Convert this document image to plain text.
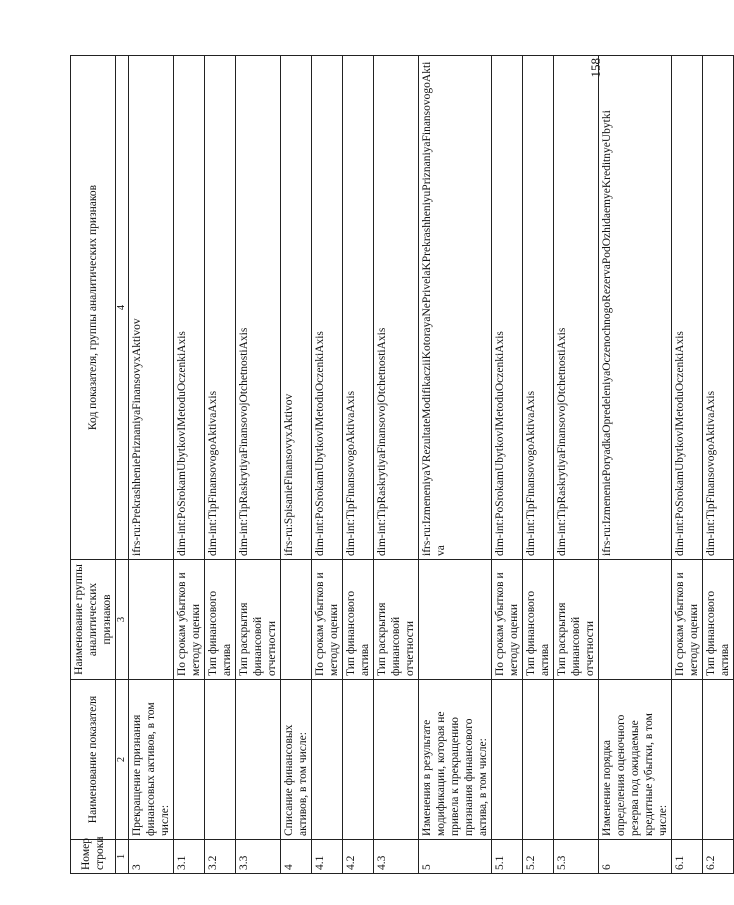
158
Номер строки	Наименование показателя	Наименование группы аналитических признаков	Код показателя, группы аналитических признаков
1	2	3	4
3	Прекращение признания финансовых активов, в том числе:		ifrs-ru:PrekrashheniePriznaniyaFinansovyxAktivov
3.1		По срокам убытков и методу оценки	dim-int:PoSrokamUbytkovIMetoduOczenkiAxis
3.2		Тип финансового актива	dim-int:TipFinansovogoAktivaAxis
3.3		Тип раскрытия финансовой отчетности	dim-int:TipRaskrytiyaFinansovojOtchetnostiAxis
4	Списание финансовых активов, в том числе:		ifrs-ru:SpisanieFinansovyxAktivov
4.1		По срокам убытков и методу оценки	dim-int:PoSrokamUbytkovIMetoduOczenkiAxis
4.2		Тип финансового актива	dim-int:TipFinansovogoAktivaAxis
4.3		Тип раскрытия финансовой отчетности	dim-int:TipRaskrytiyaFinansovojOtchetnostiAxis
5	Изменения в результате модификации, которая не привела к прекращению признания финансового актива, в том числе:		ifrs-ru:IzmeneniyaVRezultateModifikacziiKotorayaNePrivelaKPrekrashheniyuPriznaniyaFinansovogoAktiva
5.1		По срокам убытков и методу оценки	dim-int:PoSrokamUbytkovIMetoduOczenkiAxis
5.2		Тип финансового актива	dim-int:TipFinansovogoAktivaAxis
5.3		Тип раскрытия финансовой отчетности	dim-int:TipRaskrytiyaFinansovojOtchetnostiAxis
6	Изменение порядка определения оценочного резерва под ожидаемые кредитные убытки, в том числе:		ifrs-ru:IzmeneniePoryadkaOpredeleniyaOczenochnogoRezervaPodOzhidaemyeKreditnyeUbytki
6.1		По срокам убытков и методу оценки	dim-int:PoSrokamUbytkovIMetoduOczenkiAxis
6.2		Тип финансового актива	dim-int:TipFinansovogoAktivaAxis
